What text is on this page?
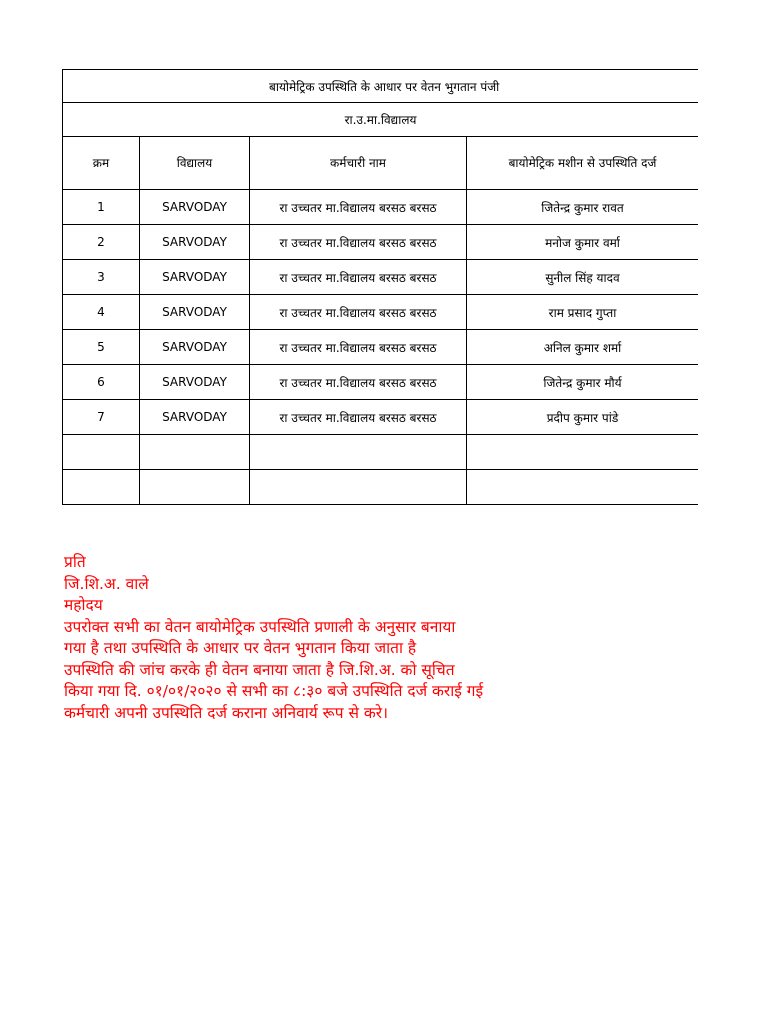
बायोमेट्रिक उपस्थिति के आधार पर वेतन भुगतान पंजी				
रा.उ.मा.विद्यालय				
क्रम	विद्यालय	कर्मचारी नाम	बायोमेट्रिक मशीन से उपस्थिति दर्ज	
1	SARVODAY	रा उच्चतर मा.विद्यालय बरसठ बरसठ	जितेन्द्र कुमार रावत	
2	SARVODAY	रा उच्चतर मा.विद्यालय बरसठ बरसठ	मनोज कुमार वर्मा	
3	SARVODAY	रा उच्चतर मा.विद्यालय बरसठ बरसठ	सुनील सिंह यादव	
4	SARVODAY	रा उच्चतर मा.विद्यालय बरसठ बरसठ	राम प्रसाद गुप्ता	
5	SARVODAY	रा उच्चतर मा.विद्यालय बरसठ बरसठ	अनिल कुमार शर्मा	
6	SARVODAY	रा उच्चतर मा.विद्यालय बरसठ बरसठ	जितेन्द्र कुमार मौर्य	
7	SARVODAY	रा उच्चतर मा.विद्यालय बरसठ बरसठ	प्रदीप कुमार पांडे	

प्रति
जि.शि.अ. वाले
महोदय
उपरोक्त सभी का वेतन बायोमेट्रिक उपस्थिति प्रणाली के अनुसार बनाया
गया है तथा उपस्थिति के आधार पर वेतन भुगतान किया जाता है
उपस्थिति की जांच करके ही वेतन बनाया जाता है जि.शि.अ. को सूचित
किया गया दि. ०१/०१/२०२० से सभी का ८:३० बजे उपस्थिति दर्ज कराई गई
कर्मचारी अपनी उपस्थिति दर्ज कराना अनिवार्य रूप से करे।
